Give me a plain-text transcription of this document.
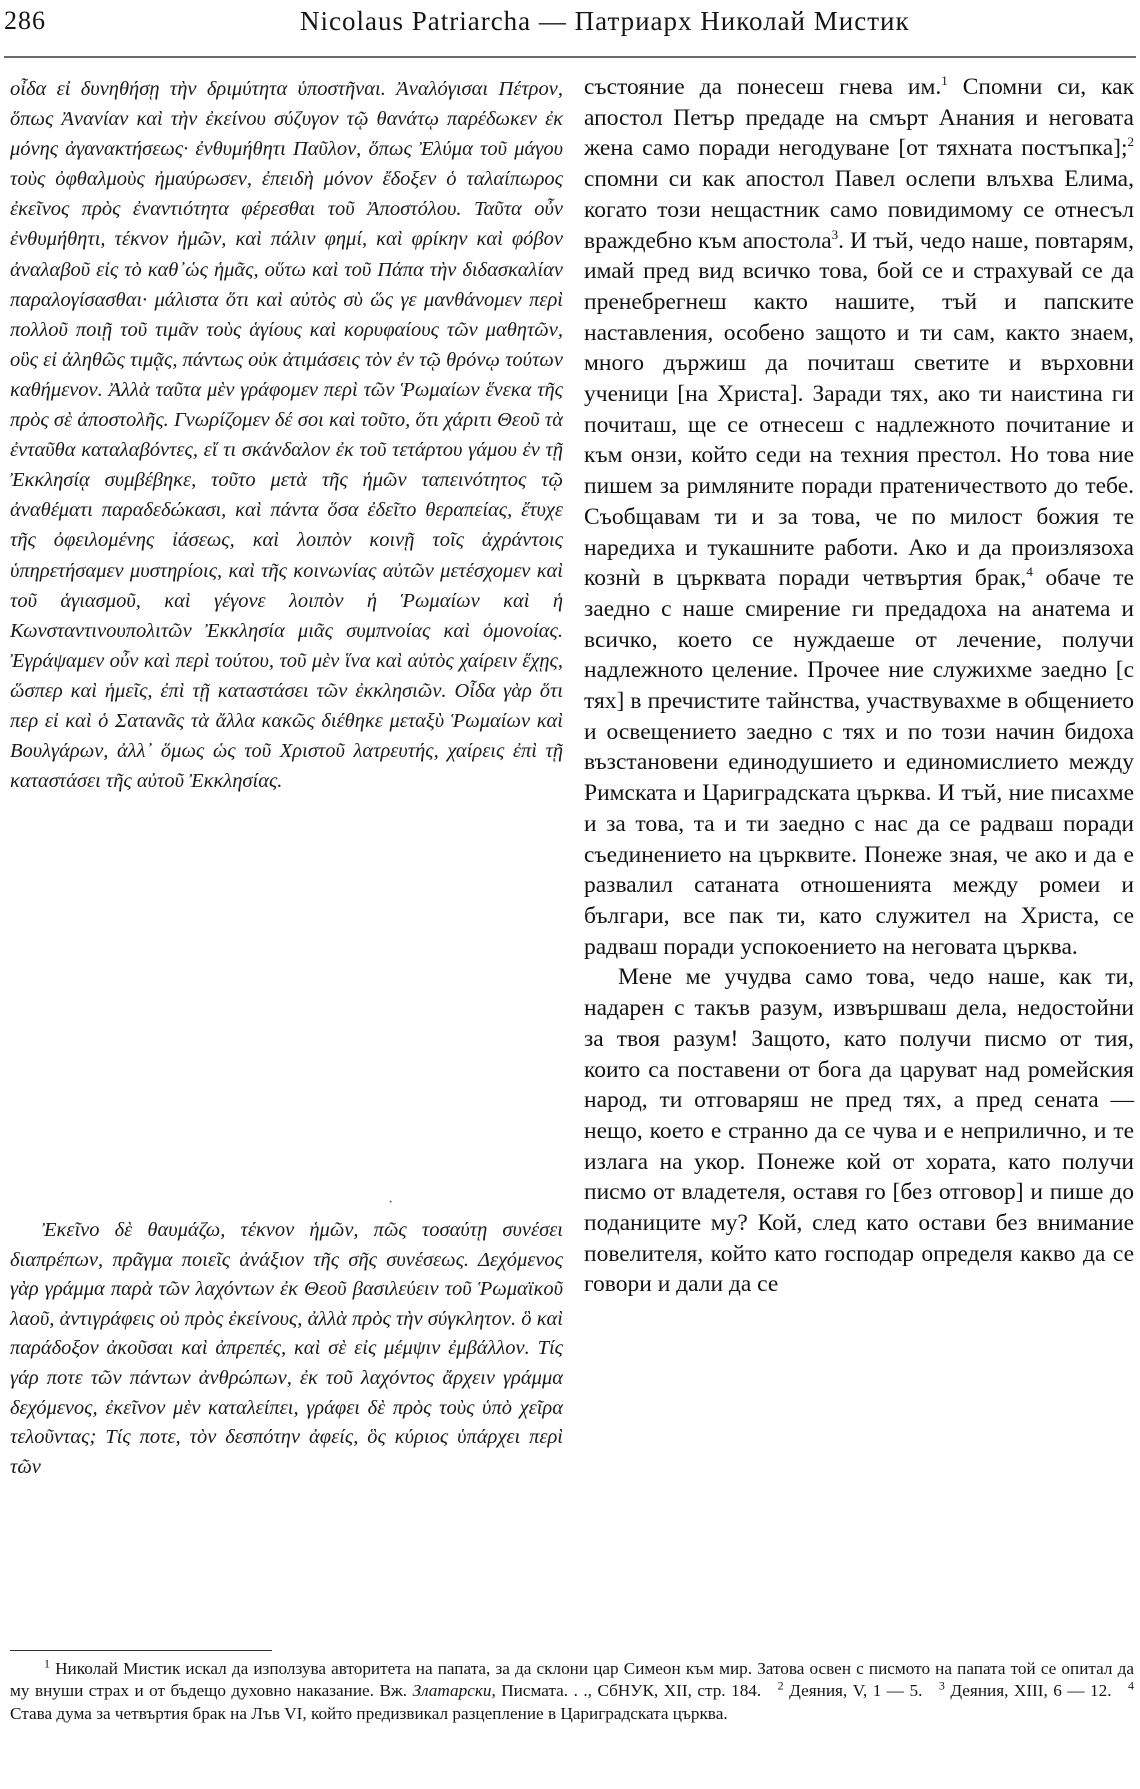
286	Nicolaus Patriarcha — Патриарх Николай Мистик

οἶδα εἰ δυνηθήσῃ τὴν δριμύτητα ὑποστῆναι. Ἀναλόγισαι Πέτρον, ὅπως Ἀνανίαν καὶ τὴν ἐκείνου σύζυγον τῷ θανάτῳ παρέδωκεν ἐκ μόνης ἀγανακτήσεως· ἐνθυμήθητι Παῦλον, ὅπως Ἐλύμα τοῦ μάγου τοὺς ὀφθαλμοὺς ἠμαύρωσεν, ἐπειδὴ μόνον ἔδοξεν ὁ ταλαίπωρος ἐκεῖνος πρὸς ἐναντιότητα φέρεσθαι τοῦ Ἀποστόλου. Ταῦτα οὖν ἐνθυμήθητι, τέκνον ἡμῶν, καὶ πάλιν φημί, καὶ φρίκην καὶ φόβον ἀναλαβοῦ εἰς τὸ καθ᾽ὡς ἡμᾶς, οὕτω καὶ τοῦ Πάπα τὴν διδασκαλίαν παραλογίσασθαι· μάλιστα ὅτι καὶ αὐτὸς σὺ ὥς γε μανθάνομεν περὶ πολλοῦ ποιῇ τοῦ τιμᾶν τοὺς ἁγίους καὶ κορυφαίους τῶν μαθητῶν, οὓς εἰ ἀληθῶς τιμᾷς, πάντως οὐκ ἀτιμάσεις τὸν ἐν τῷ θρόνῳ τούτων καθήμενον. Ἀλλὰ ταῦτα μὲν γράφομεν περὶ τῶν Ῥωμαίων ἕνεκα τῆς πρὸς σὲ ἀποστολῆς. Γνωρίζομεν δέ σοι καὶ τοῦτο, ὅτι χάριτι Θεοῦ τὰ ἐνταῦθα καταλαβόντες, εἴ τι σκάνδαλον ἐκ τοῦ τετάρτου γάμου ἐν τῇ Ἐκκλησίᾳ συμβέβηκε, τοῦτο μετὰ τῆς ἡμῶν ταπεινότητος τῷ ἀναθέματι παραδεδώκασι, καὶ πάντα ὅσα ἐδεῖτο θεραπείας, ἔτυχε τῆς ὀφειλομένης ἰάσεως, καὶ λοιπὸν κοινῇ τοῖς ἀχράντοις ὑπηρετήσαμεν μυστηρίοις, καὶ τῆς κοινωνίας αὐτῶν μετέσχομεν καὶ τοῦ ἁγιασμοῦ, καὶ γέγονε λοιπὸν ἡ Ῥωμαίων καὶ ἡ Κωνσταντινουπολιτῶν Ἐκκλησία μιᾶς συμπνοίας καὶ ὁμονοίας. Ἐγράψαμεν οὖν καὶ περὶ τούτου, τοῦ μὲν ἵνα καὶ αὐτὸς χαίρειν ἔχῃς, ὥσπερ καὶ ἡμεῖς, ἐπὶ τῇ καταστάσει τῶν ἐκκλησιῶν. Οἶδα γὰρ ὅτι περ εἰ καὶ ὁ Σατανᾶς τὰ ἄλλα κακῶς διέθηκε μεταξὺ Ῥωμαίων καὶ Βουλγάρων, ἀλλ᾽ ὅμως ὡς τοῦ Χριστοῦ λατρευτής, χαίρεις ἐπὶ τῇ καταστάσει τῆς αὐτοῦ Ἐκκλησίας.

·

Ἐκεῖνο δὲ θαυμάζω, τέκνον ἡμῶν, πῶς τοσαύτῃ συνέσει διαπρέπων, πρᾶγμα ποιεῖς ἀνάξιον τῆς σῆς συνέσεως. Δεχόμενος γὰρ γράμμα παρὰ τῶν λαχόντων ἐκ Θεοῦ βασιλεύειν τοῦ Ῥωμαϊκοῦ λαοῦ, ἀντιγράφεις οὐ πρὸς ἐκείνους, ἀλλὰ πρὸς τὴν σύγκλητον. ὃ καὶ παράδοξον ἀκοῦσαι καὶ ἀπρεπές, καὶ σὲ εἰς μέμψιν ἐμβάλλον. Τίς γάρ ποτε τῶν πάντων ἀνθρώπων, ἐκ τοῦ λαχόντος ἄρχειν γράμμα δεχόμενος, ἐκεῖνον μὲν καταλείπει, γράφει δὲ πρὸς τοὺς ὑπὸ χεῖρα τελοῦντας; Τίς ποτε, τὸν δεσπότην ἀφείς, ὃς κύριος ὑπάρχει περὶ τῶν

състояние да понесеш гнева им.$^1$ Спомни си, как апостол Петър предаде на смърт Анания и неговата жена само поради негодуване [от тяхната постъпка];$^2$ спомни си как апостол Павел ослепи влъхва Елима, когато този нещастник само повидимому се отнесъл враждебно към апостола$^3$. И тъй, чедо наше, повтарям, имай пред вид всичко това, бой се и страхувай се да пренебрегнеш както нашите, тъй и папските наставления, особено защото и ти сам, както знаем, много държиш да почиташ светите и върховни ученици [на Христа]. Заради тях, ако ти наистина ги почиташ, ще се отнесеш с надлежното почитание и към онзи, който седи на техния престол. Но това ние пишем за римляните поради пратеничеството до тебе. Съобщавам ти и за това, че по милост божия те наредиха и тукашните работи. Ако и да произлязоха кознѝ в църквата поради четвъртия брак,$^4$ обаче те заедно с наше смирение ги предадоха на анатема и всичко, което се нуждаеше от лечение, получи надлежното целение. Прочее ние служихме заедно [с тях] в пречистите тайнства, участвувахме в общението и освещението заедно с тях и по този начин бидоха възстановени единодушието и единомислието между Римската и Цариградската църква. И тъй, ние писахме и за това, та и ти заедно с нас да се радваш поради съединението на църквите. Понеже зная, че ако и да е развалил сатаната отношенията между ромеи и българи, все пак ти, като служител на Христа, се радваш поради успокоението на неговата църква.

Мене ме учудва само това, чедо наше, как ти, надарен с такъв разум, извършваш дела, недостойни за твоя разум! Защото, като получи писмо от тия, които са поставени от бога да царуват над ромейския народ, ти отговаряш не пред тях, а пред сената — нещо, което е странно да се чува и е неприлично, и те излага на укор. Понеже кой от хората, като получи писмо от владетеля, оставя го [без отговор] и пише до поданиците му? Кой, след като остави без внимание повелителя, който като господар определя какво да се говори и дали да се

$^1$ Николай Мистик искал да използува авторитета на папата, за да склони цар Симеон към мир. Затова освен с писмото на папата той се опитал да му внуши страх и от бъдещо духовно наказание. Вж. Златарски, Писмата. . ., СбНУК, XII, стр. 184. $^2$ Деяния, V, 1 — 5. $^3$ Деяния, XIII, 6 — 12. $^4$ Става дума за четвъртия брак на Лъв VI, който предизвикал разцепление в Цариградската църква.
